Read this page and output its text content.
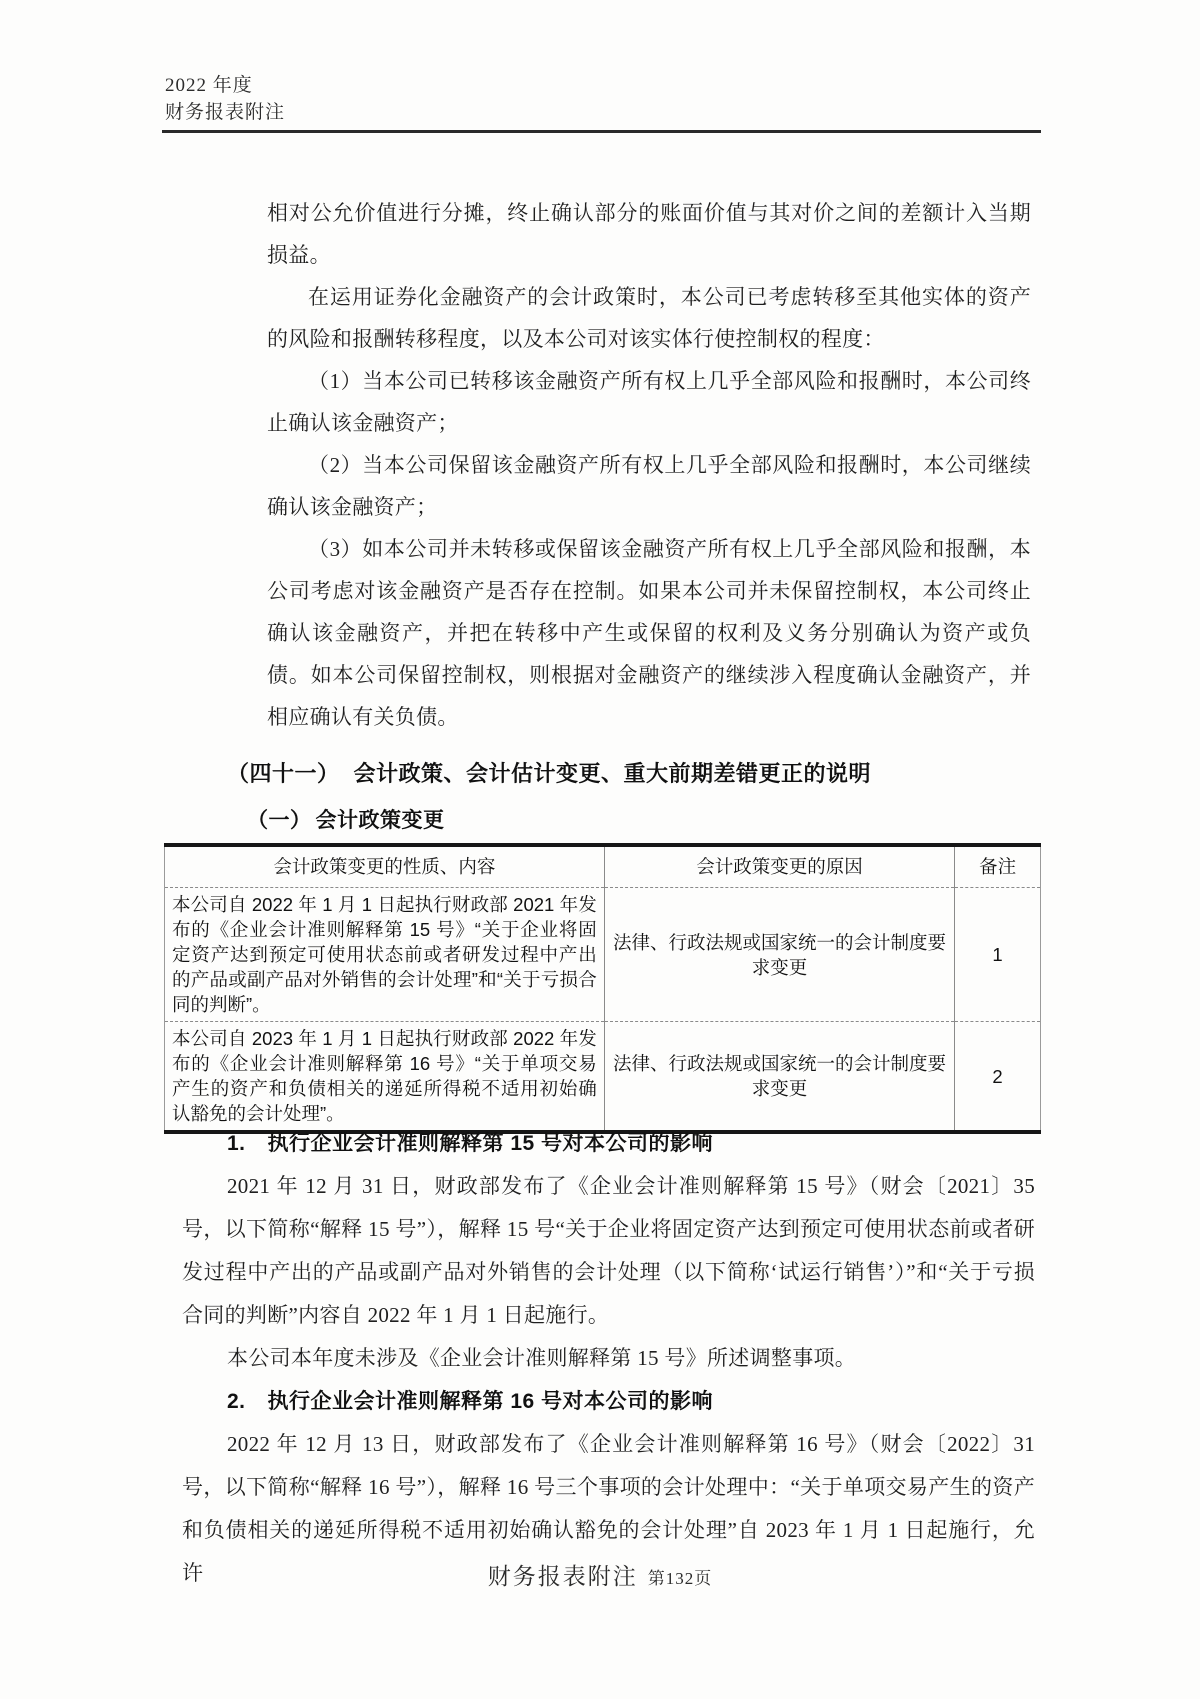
2022 年度
财务报表附注

相对公允价值进行分摊，终止确认部分的账面价值与其对价之间的差额计入当期损益。

在运用证券化金融资产的会计政策时，本公司已考虑转移至其他实体的资产的风险和报酬转移程度，以及本公司对该实体行使控制权的程度：

（1）当本公司已转移该金融资产所有权上几乎全部风险和报酬时，本公司终止确认该金融资产；

（2）当本公司保留该金融资产所有权上几乎全部风险和报酬时，本公司继续确认该金融资产；

（3）如本公司并未转移或保留该金融资产所有权上几乎全部风险和报酬，本公司考虑对该金融资产是否存在控制。如果本公司并未保留控制权，本公司终止确认该金融资产，并把在转移中产生或保留的权利及义务分别确认为资产或负债。如本公司保留控制权，则根据对金融资产的继续涉入程度确认金融资产，并相应确认有关负债。

（四十一） 会计政策、会计估计变更、重大前期差错更正的说明
（一） 会计政策变更
会计政策变更的性质、内容	会计政策变更的原因	备注
本公司自 2022 年 1 月 1 日起执行财政部 2021 年发布的《企业会计准则解释第 15 号》“关于企业将固定资产达到预定可使用状态前或者研发过程中产出的产品或副产品对外销售的会计处理”和“关于亏损合同的判断”。	法律、行政法规或国家统一的会计制度要求变更	1
本公司自 2023 年 1 月 1 日起执行财政部 2022 年发布的《企业会计准则解释第 16 号》“关于单项交易产生的资产和负债相关的递延所得税不适用初始确认豁免的会计处理”。	法律、行政法规或国家统一的会计制度要求变更	2
1. 执行企业会计准则解释第 15 号对本公司的影响

2021 年 12 月 31 日，财政部发布了《企业会计准则解释第 15 号》（财会〔2021〕35 号，以下简称“解释 15 号”），解释 15 号“关于企业将固定资产达到预定可使用状态前或者研发过程中产出的产品或副产品对外销售的会计处理（以下简称‘试运行销售’）”和“关于亏损合同的判断”内容自 2022 年 1 月 1 日起施行。

本公司本年度未涉及《企业会计准则解释第 15 号》所述调整事项。

2. 执行企业会计准则解释第 16 号对本公司的影响

2022 年 12 月 13 日，财政部发布了《企业会计准则解释第 16 号》（财会〔2022〕31 号，以下简称“解释 16 号”），解释 16 号三个事项的会计处理中：“关于单项交易产生的资产和负债相关的递延所得税不适用初始确认豁免的会计处理”自 2023 年 1 月 1 日起施行，允许	财务报表附注 第132页
